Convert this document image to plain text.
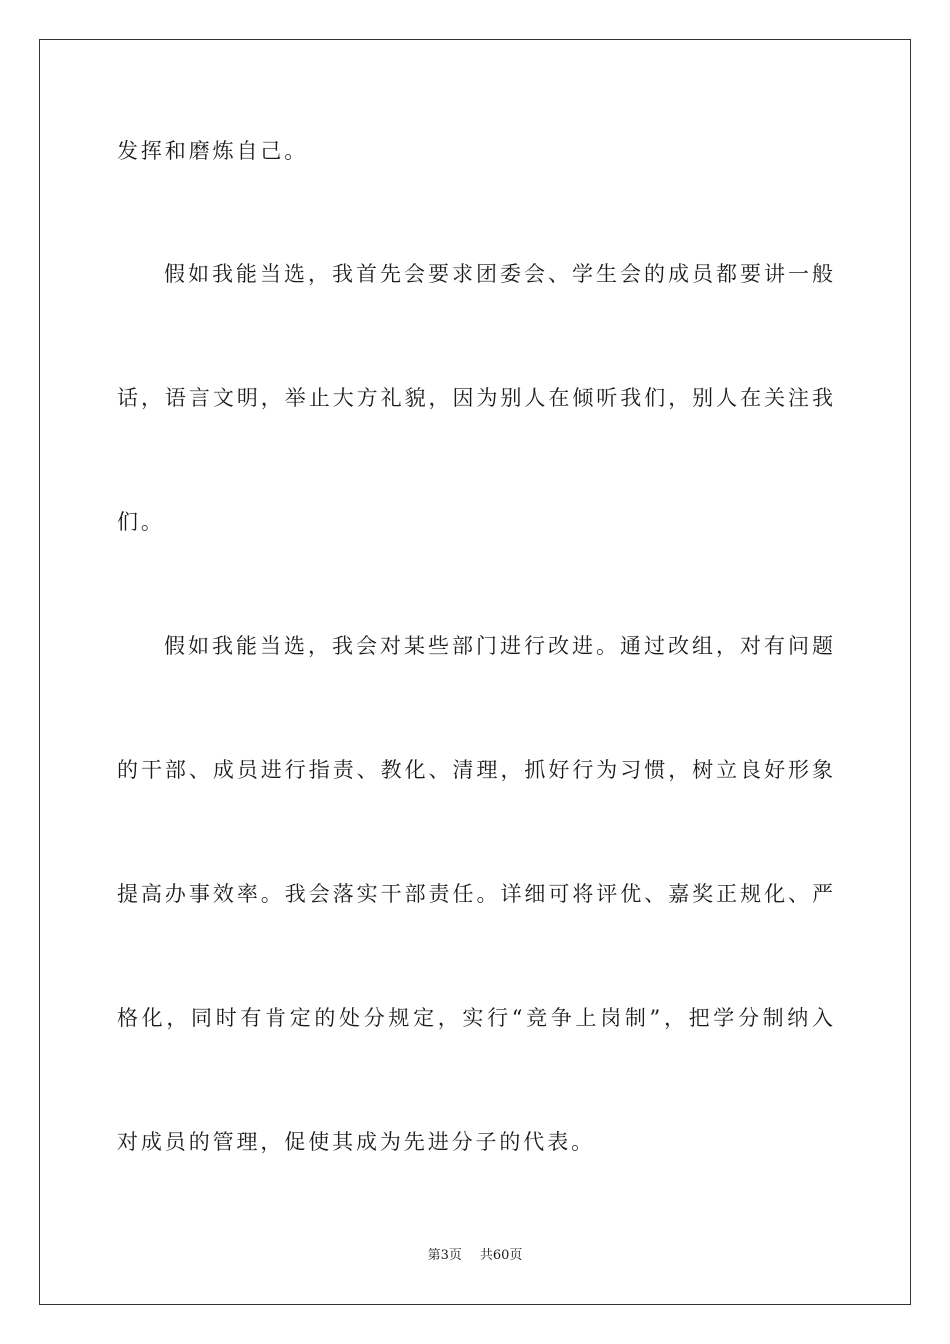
发挥和磨炼自己。
假如我能当选，我首先会要求团委会、学生会的成员都要讲一般
话，语言文明，举止大方礼貌，因为别人在倾听我们，别人在关注我
们。
假如我能当选，我会对某些部门进行改进。通过改组，对有问题
的干部、成员进行指责、教化、清理，抓好行为习惯，树立良好形象
提高办事效率。我会落实干部责任。详细可将评优、嘉奖正规化、严
格化，同时有肯定的处分规定，实行“竞争上岗制”，把学分制纳入
对成员的管理，促使其成为先进分子的代表。
第3页 共60页
